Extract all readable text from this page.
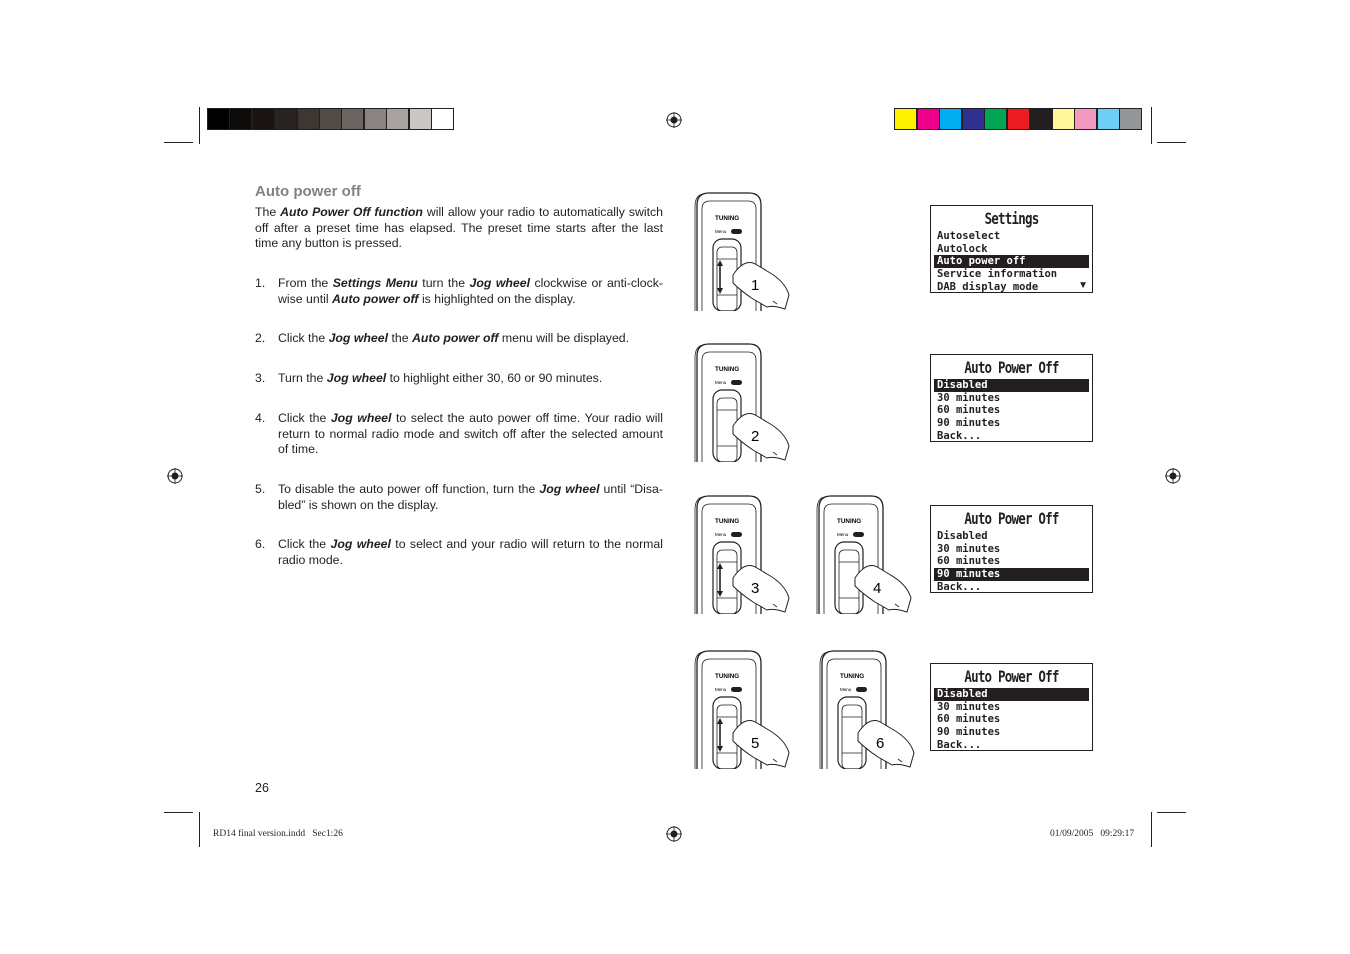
Auto power off
The Auto Power Off function will allow your radio to automatically switch off after a preset time has elapsed. The preset time starts after the last time any button is pressed.
1. From the Settings Menu turn the Jog wheel clockwise or anti-clock-wise until Auto power off is highlighted on the display.
2. Click the Jog wheel the Auto power off menu will be displayed.
3. Turn the Jog wheel to highlight either 30, 60 or 90 minutes.
4. Click the Jog wheel to select the auto power off time. Your radio will return to normal radio mode and switch off after the selected amount of time.
5. To disable the auto power off function, turn the Jog wheel until “Disa-bled” is shown on the display.
6. Click the Jog wheel to select and your radio will return to the normal radio mode.
TUNING
Menu
1
TUNING
Menu
2
TUNING
Menu
3
TUNING
Menu
4
TUNING
Menu
5
TUNING
Menu
6
Settings
Autoselect
Autolock
Auto power off
Service information
DAB display mode	▼
Auto Power Off
Disabled
30 minutes
60 minutes
90 minutes
Back...
Auto Power Off
Disabled
30 minutes
60 minutes
90 minutes
Back...
Auto Power Off
Disabled
30 minutes
60 minutes
90 minutes
Back...
26
RD14 final version.indd   Sec1:26	01/09/2005   09:29:17
